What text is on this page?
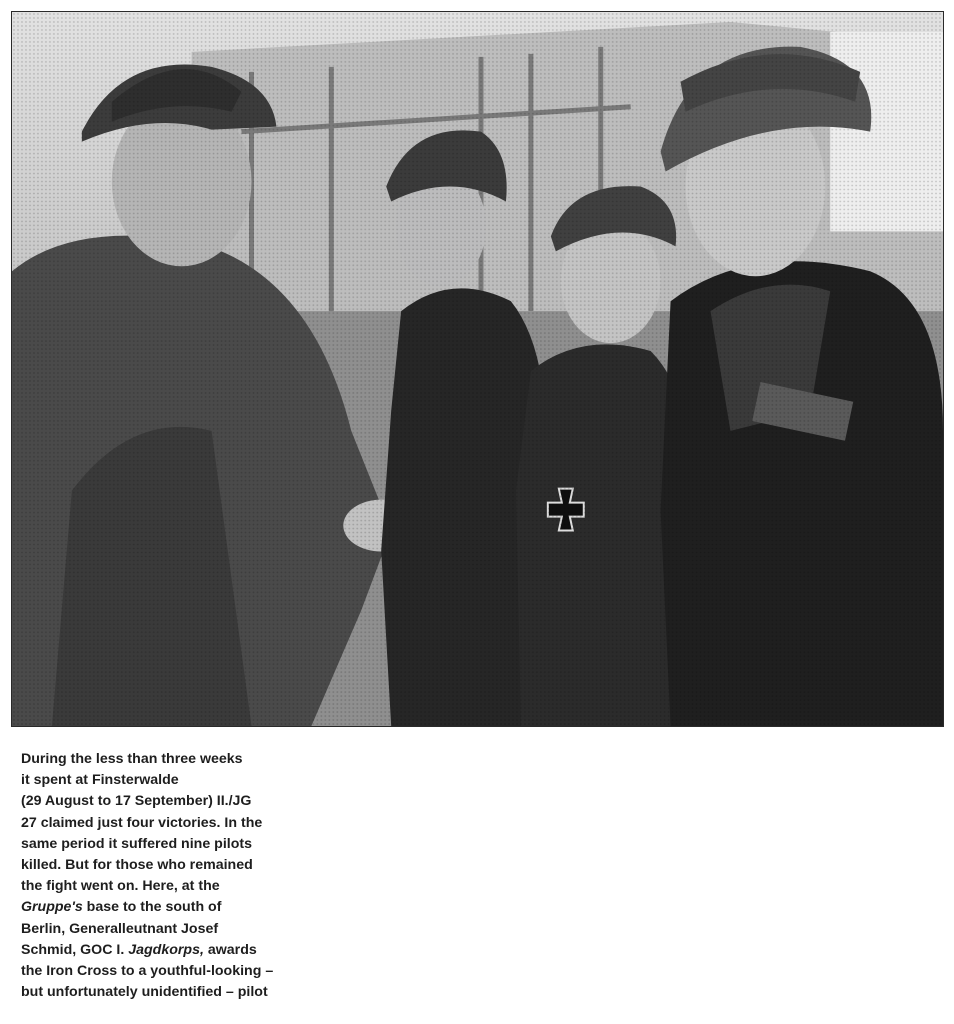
During the less than three weeks
it spent at Finsterwalde
(29 August to 17 September) II./JG
27 claimed just four victories. In the
same period it suffered nine pilots
killed. But for those who remained
the fight went on. Here, at the
Gruppe's base to the south of
Berlin, Generalleutnant Josef
Schmid, GOC I. Jagdkorps, awards
the Iron Cross to a youthful-looking –
but unfortunately unidentified – pilot
